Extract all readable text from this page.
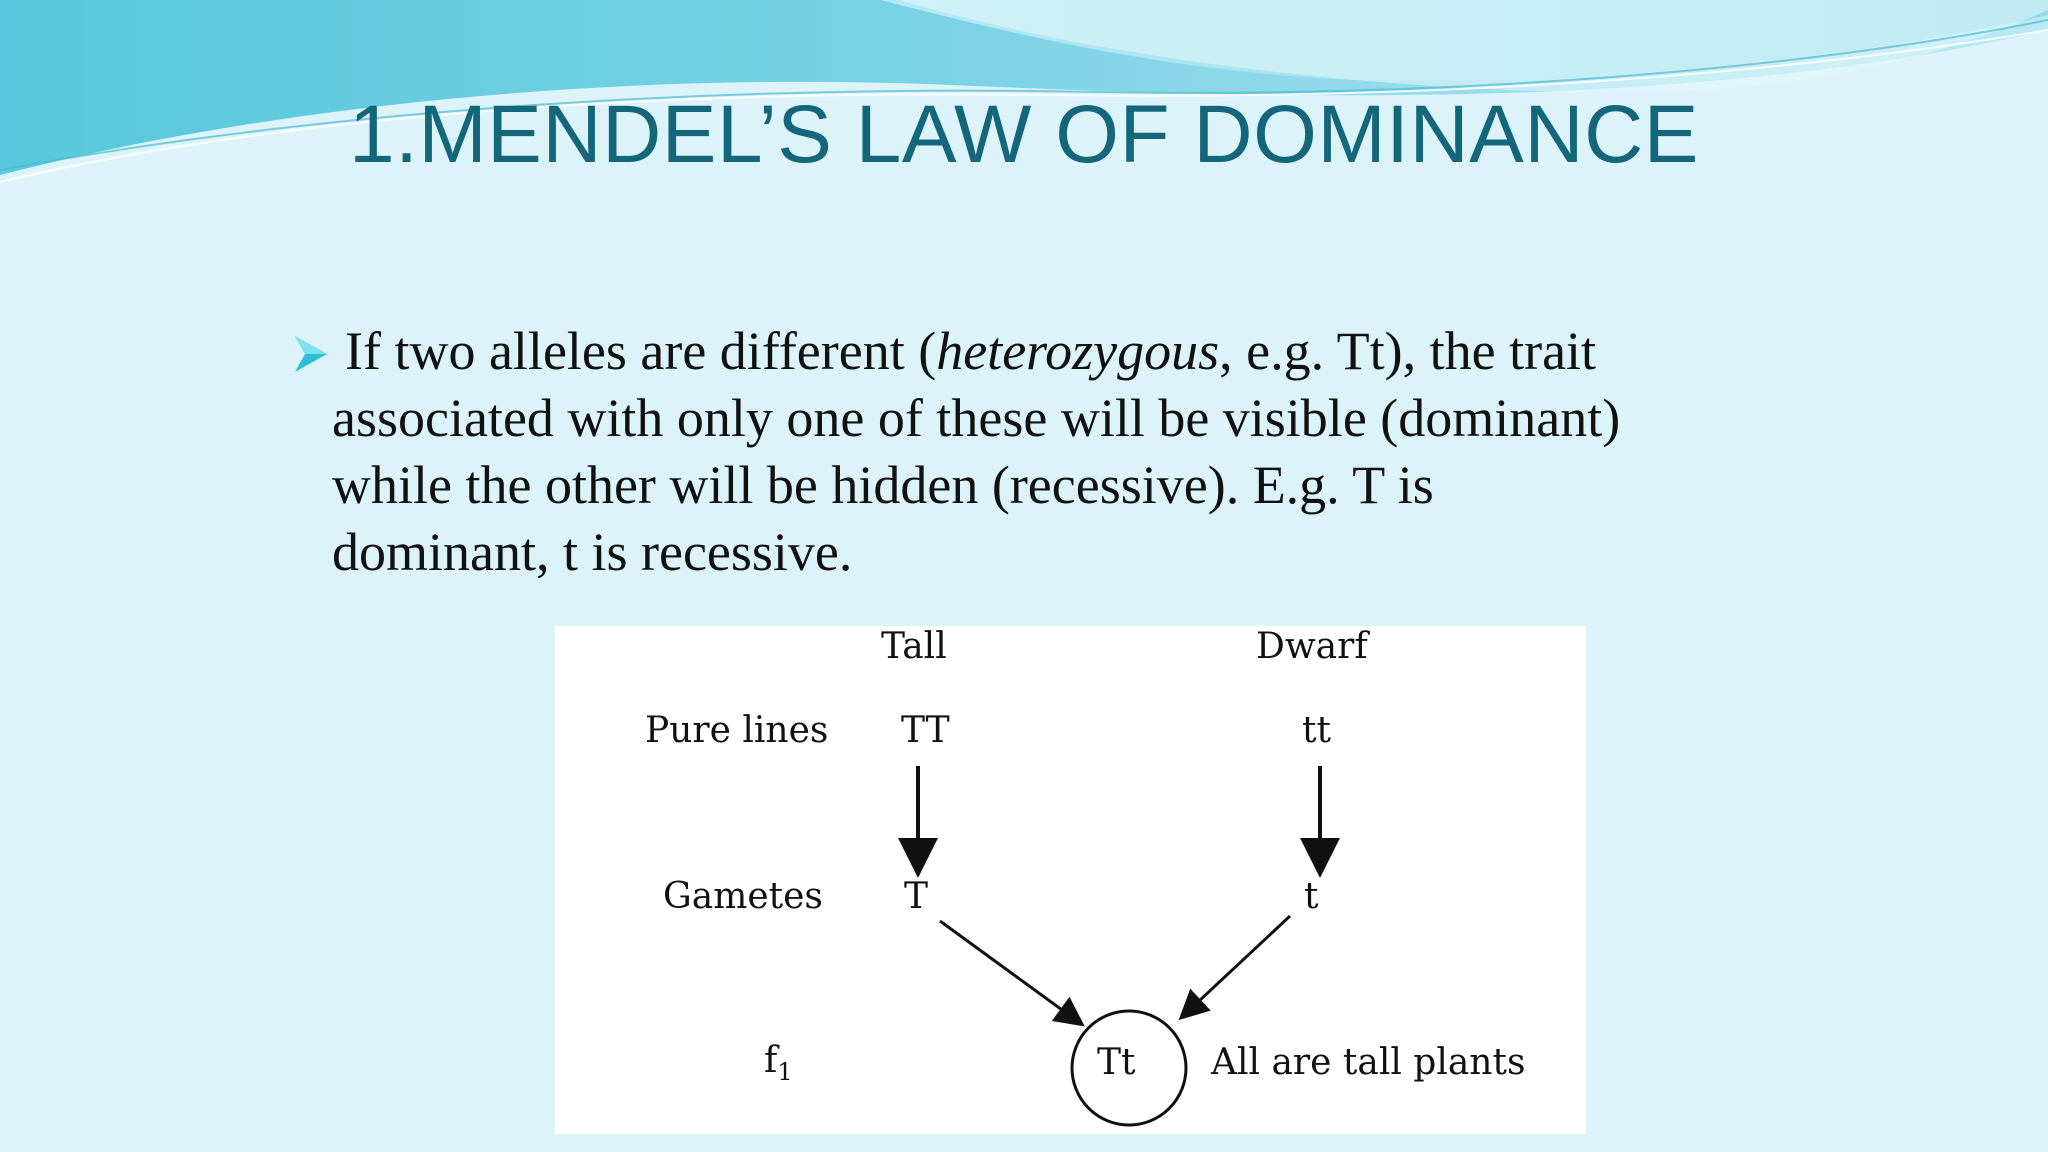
1.MENDEL’S LAW OF DOMINANCE
If two alleles are different (heterozygous, e.g. Tt), the trait
associated with only one of these will be visible (dominant)
while the other will be hidden (recessive). E.g. T is
dominant, t is recessive.
Tall	Dwarf
Pure lines TT	tt
Gametes T	t
$f_1$	Tt All are tall plants
